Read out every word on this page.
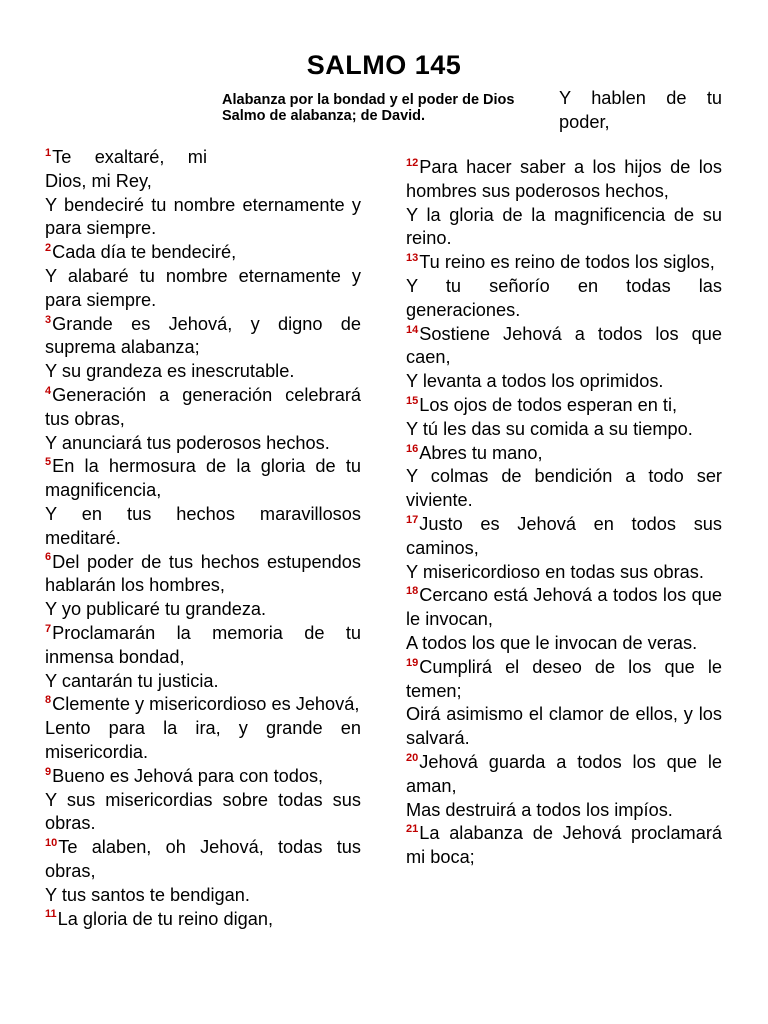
SALMO 145
Alabanza por la bondad y el poder de Dios
Salmo de alabanza; de David.
Y hablen de tu poder,
$^1$Te exaltaré, mi Dios, mi Rey,
Y bendeciré tu nombre eternamente y para siempre.
$^2$Cada día te bendeciré,
Y alabaré tu nombre eternamente y para siempre.
$^3$Grande es Jehová, y digno de suprema alabanza;
Y su grandeza es inescrutable.
$^4$Generación a generación celebrará tus obras,
Y anunciará tus poderosos hechos.
$^5$En la hermosura de la gloria de tu magnificencia,
Y en tus hechos maravillosos meditaré.
$^6$Del poder de tus hechos estupendos hablarán los hombres,
Y yo publicaré tu grandeza.
$^7$Proclamarán la memoria de tu inmensa bondad,
Y cantarán tu justicia.
$^8$Clemente y misericordioso es Jehová,
Lento para la ira, y grande en misericordia.
$^9$Bueno es Jehová para con todos,
Y sus misericordias sobre todas sus obras.
$^{10}$Te alaben, oh Jehová, todas tus obras,
Y tus santos te bendigan.
$^{11}$La gloria de tu reino digan,
$^{12}$Para hacer saber a los hijos de los hombres sus poderosos hechos,
Y la gloria de la magnificencia de su reino.
$^{13}$Tu reino es reino de todos los siglos,
Y tu señorío en todas las generaciones.
$^{14}$Sostiene Jehová a todos los que caen,
Y levanta a todos los oprimidos.
$^{15}$Los ojos de todos esperan en ti,
Y tú les das su comida a su tiempo.
$^{16}$Abres tu mano,
Y colmas de bendición a todo ser viviente.
$^{17}$Justo es Jehová en todos sus caminos,
Y misericordioso en todas sus obras.
$^{18}$Cercano está Jehová a todos los que le invocan,
A todos los que le invocan de veras.
$^{19}$Cumplirá el deseo de los que le temen;
Oirá asimismo el clamor de ellos, y los salvará.
$^{20}$Jehová guarda a todos los que le aman,
Mas destruirá a todos los impíos.
$^{21}$La alabanza de Jehová proclamará mi boca;
